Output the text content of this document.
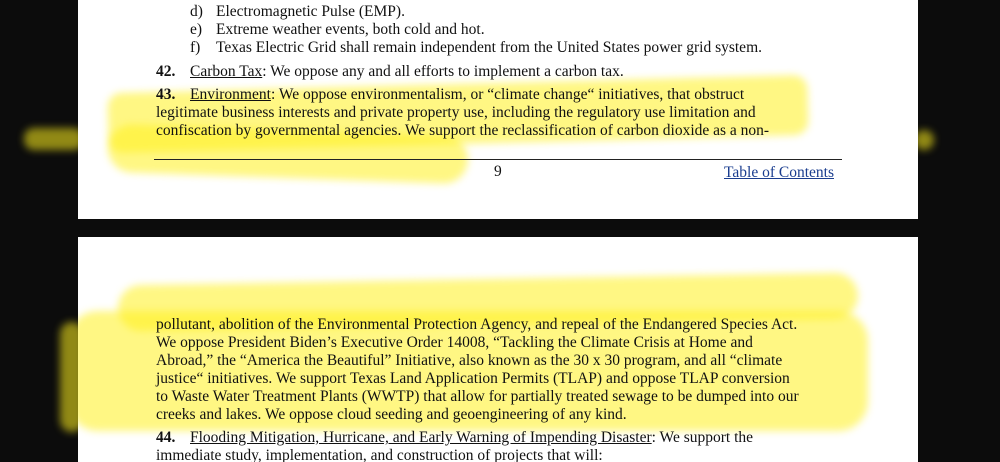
d) Electromagnetic Pulse (EMP).
e) Extreme weather events, both cold and hot.
f) Texas Electric Grid shall remain independent from the United States power grid system.
42. Carbon Tax: We oppose any and all efforts to implement a carbon tax.
43. Environment: We oppose environmentalism, or “climate change“ initiatives, that obstruct
legitimate business interests and private property use, including the regulatory use limitation and
confiscation by governmental agencies. We support the reclassification of carbon dioxide as a non-
9	Table of Contents
pollutant, abolition of the Environmental Protection Agency, and repeal of the Endangered Species Act.
We oppose President Biden’s Executive Order 14008, “Tackling the Climate Crisis at Home and
Abroad,” the “America the Beautiful” Initiative, also known as the 30 x 30 program, and all “climate
justice“ initiatives. We support Texas Land Application Permits (TLAP) and oppose TLAP conversion
to Waste Water Treatment Plants (WWTP) that allow for partially treated sewage to be dumped into our
creeks and lakes. We oppose cloud seeding and geoengineering of any kind.
44. Flooding Mitigation, Hurricane, and Early Warning of Impending Disaster: We support the
immediate study, implementation, and construction of projects that will:
